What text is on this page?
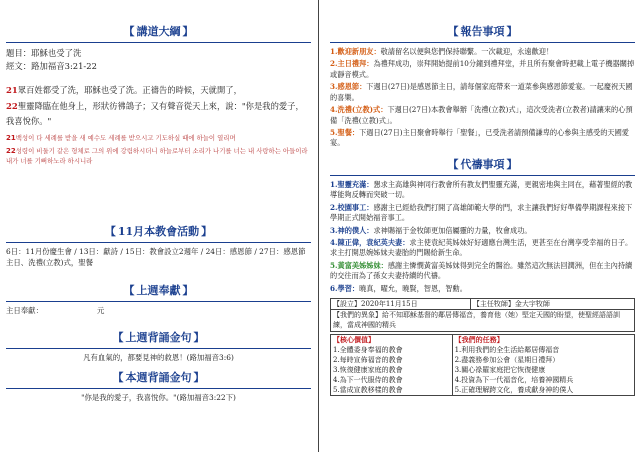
【 講道大綱 】
題目：耶穌也受了洗
經文：路加福音3:21-22
21眾百姓都受了洗，耶穌也受了洗。正禱告的時候，天就開了，
22聖靈降臨在他身上，形狀彷彿鴿子；又有聲音從天上來，說："你是我的愛子，我喜悅你。"
21백성이 다 세례를 받을 새 예수도 세례를 받으시고 기도하실 때에 하늘이 열리며
22성령이 비둘기 같은 형체로 그의 위에 강림하시더니 하늘로부터 소리가 나기를 너는 내 사랑하는 아들이라 내가 너를 기뻐하노라 하시니라
【 11月本教會活動 】
6日：11月份慶生會 / 13日：獻詩 / 15日：教會設立2週年 / 24日：感恩節 / 27日：感恩節主日、洗禮(立教)式，聖餐
【 上週奉獻 】
主日奉獻：	元
【 上週背誦金句 】
凡有血氣的，都要見神的救恩！(路加福音3:6)
【 本週背誦金句 】
"你是我的愛子，我喜悅你。"(路加福音3:22下)
【 報告事項 】
1.歡迎新朋友：敬請留名以便與您們保持聯繫。一次載迎，永遠歡迎！
2.主日禮拜：為禮拜成功，崇拜開始提前10分鐘到禮拜堂，并且所有聚會時把載上電子機器關掉或靜音模式。
3.感恩節：下週日(27日)是感恩節主日，請每個家庭帶來一道菜參與感恩節愛宴。一起慶祝天國的喜樂。
4.洗禮(立教)式：下週日(27日)本教會舉辦「洗禮(立教)式」，這次受洗者(立教者)請讓來的心預備「洗禮(立教)式」。
5.聖餐：下週日(27日)主日聚會時舉行「聖餐」，已受洗者請預備謙卑的心參與主感受的天國愛宴。
【 代禱事項 】
1.聖靈充滿：懇求主高雄與神同行教會所有教友們聖靈充滿，更親密地與主同在，藉著聖經的教導能夠反轉而突破一切。
2.校園事工：感謝主已經給我們打開了高雄師範大學的門，求主讓我們好好準備學期課程來接下學期正式開始福音事工。
3.神的僕人：求神賜福于金牧師更加倍屬靈的力量，牧會成功。
4.陳正偉，袁紀英夫妻：求主使袁紀英姊妹好好適應台灣生活，更甚至在台灣享受幸福的日子。求主打開思婉姊妹夫妻胎的門賜給新生命。
5.黃富美姊姊妹：感謝主憐憫黃富美姊妹得到完全的醫治。雖然這次無法回潤洲，但在主內持續的交往而為了孫女夫妻持續的代禱。
6.學習：曉真，曜允，曉賢，智恩，智勳。
【設立】2020年11月15日	【主任牧師】金大宇牧師
【我們的異象】給不知耶穌基督的鄰居傳福音，養育他（她）堅定天國的盼望，使聖經語語訓練，當成神國的精兵
【核心價值】
1.全體委身奉福的教會
2.每時宣佈福音的教會
3.恢復健康家庭的教會
4.為下一代服侍的教會
5.當成宣教移樣的教會

【我們的任務】
1.利用我們的全生活給鄰居傳福音
2.盡義務參加公會（星期日禮拜）
3.關心祿羅家庭把它恢復健康
4.投資為下一代福音化，培養神國精兵
5.正確理解跨文化，養成獻身神的僕人
